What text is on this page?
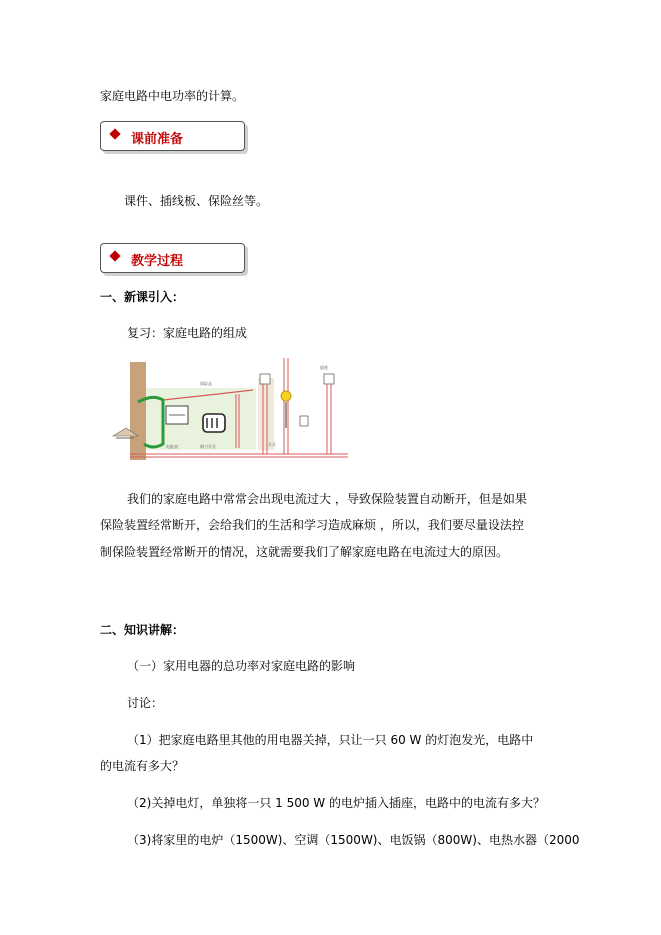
家庭电路中电功率的计算。
课前准备
课件、插线板、保险丝等。
教学过程
一、新课引入：
复习：家庭电路的组成
保险盒
电能表	闸刀开关	开关
插座
我们的家庭电路中常常会出现电流过大 ，导致保险装置自动断开，但是如果
保险装置经常断开，会给我们的生活和学习造成麻烦 ，所以，我们要尽量设法控
制保险装置经常断开的情况，这就需要我们了解家庭电路在电流过大的原因。
二、知识讲解：
（一）家用电器的总功率对家庭电路的影响
讨论：
（1）把家庭电路里其他的用电器关掉，只让一只 60 W 的灯泡发光，电路中
的电流有多大？
（2)关掉电灯，单独将一只 1 500 W 的电炉插入插座，电路中的电流有多大？
（3)将家里的电炉（1500W)、空调（1500W)、电饭锅（800W)、电热水器（2000
